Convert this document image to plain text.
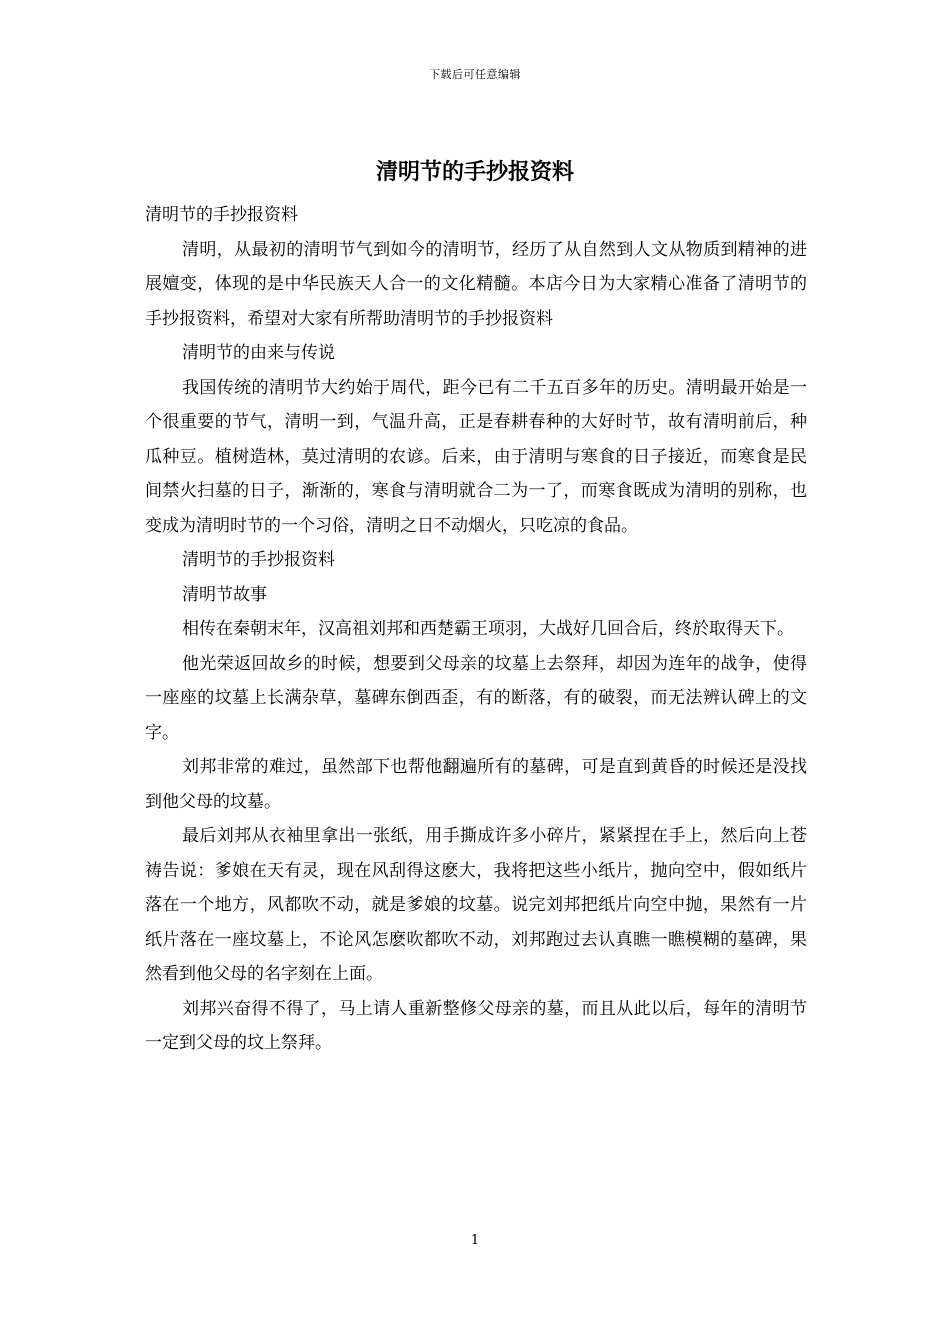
下载后可任意编辑
清明节的手抄报资料

清明节的手抄报资料

清明，从最初的清明节气到如今的清明节，经历了从自然到人文从物质到精神的进展嬗变，体现的是中华民族天人合一的文化精髓。本店今日为大家精心准备了清明节的手抄报资料，希望对大家有所帮助清明节的手抄报资料

清明节的由来与传说

我国传统的清明节大约始于周代，距今已有二千五百多年的历史。清明最开始是一个很重要的节气，清明一到，气温升高，正是春耕春种的大好时节，故有清明前后，种瓜种豆。植树造林，莫过清明的农谚。后来，由于清明与寒食的日子接近，而寒食是民间禁火扫墓的日子，渐渐的，寒食与清明就合二为一了，而寒食既成为清明的别称，也变成为清明时节的一个习俗，清明之日不动烟火，只吃凉的食品。

清明节的手抄报资料

清明节故事

相传在秦朝末年，汉高祖刘邦和西楚霸王项羽，大战好几回合后，终於取得天下。

他光荣返回故乡的时候，想要到父母亲的坟墓上去祭拜，却因为连年的战争，使得一座座的坟墓上长满杂草，墓碑东倒西歪，有的断落，有的破裂，而无法辨认碑上的文字。

刘邦非常的难过，虽然部下也帮他翻遍所有的墓碑，可是直到黄昏的时候还是没找到他父母的坟墓。

最后刘邦从衣袖里拿出一张纸，用手撕成许多小碎片，紧紧捏在手上，然后向上苍祷告说：爹娘在天有灵，现在风刮得这麽大，我将把这些小纸片，抛向空中，假如纸片落在一个地方，风都吹不动，就是爹娘的坟墓。说完刘邦把纸片向空中抛，果然有一片纸片落在一座坟墓上，不论风怎麽吹都吹不动，刘邦跑过去认真瞧一瞧模糊的墓碑，果然看到他父母的名字刻在上面。

刘邦兴奋得不得了，马上请人重新整修父母亲的墓，而且从此以后，每年的清明节一定到父母的坟上祭拜。

1
